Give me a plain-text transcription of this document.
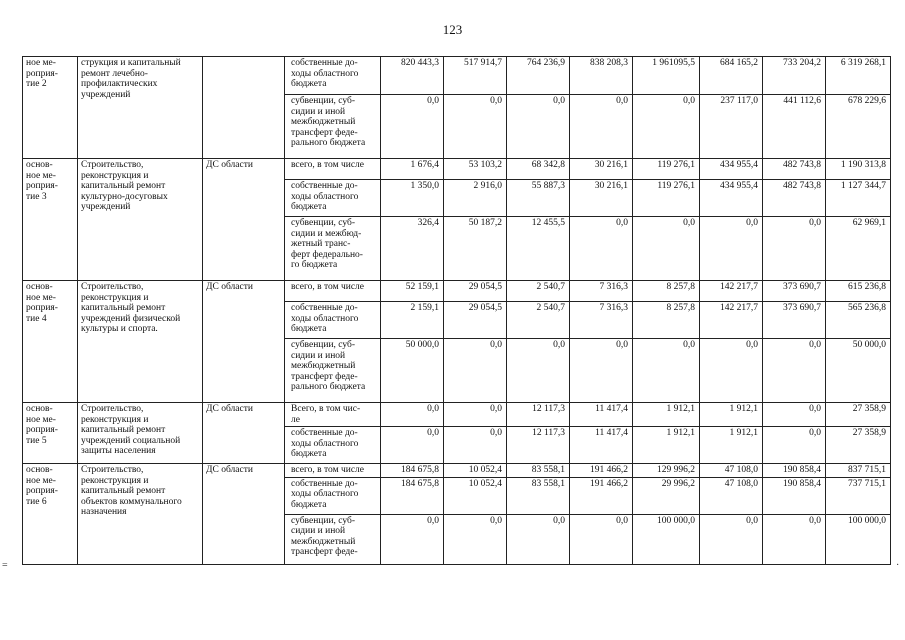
123
ное ме-
роприя-
тие 2	струкция и капитальный ремонт лечебно-профилактических учреждений		собственные до-
ходы областного
бюджета	820 443,3	517 914,7	764 236,9	838 208,3	1 961095,5	684 165,2	733 204,2	6 319 268,1
			субвенции, суб-
сидии и иной
межбюджетный
трансферт феде-
рального бюджета	0,0	0,0	0,0	0,0	0,0	237 117,0	441 112,6	678 229,6
основ-
ное ме-
роприя-
тие 3	Строительство, реконструкция и капитальный ремонт культурно-досуговых учреждений	ДС области	всего, в том числе	1 676,4	53 103,2	68 342,8	30 216,1	119 276,1	434 955,4	482 743,8	1 190 313,8
			собственные до-
ходы областного
бюджета	1 350,0	2 916,0	55 887,3	30 216,1	119 276,1	434 955,4	482 743,8	1 127 344,7
			субвенции, суб-
сидии и межбюд-
жетный транс-
ферт федерально-
го бюджета	326,4	50 187,2	12 455,5	0,0	0,0	0,0	0,0	62 969,1
основ-
ное ме-
роприя-
тие 4	Строительство, реконструкция и капитальный ремонт учреждений физической культуры и спорта.	ДС области	всего, в том числе	52 159,1	29 054,5	2 540,7	7 316,3	8 257,8	142 217,7	373 690,7	615 236,8
			собственные до-
ходы областного
бюджета	2 159,1	29 054,5	2 540,7	7 316,3	8 257,8	142 217,7	373 690,7	565 236,8
			субвенции, суб-
сидии и иной
межбюджетный
трансферт феде-
рального бюджета	50 000,0	0,0	0,0	0,0	0,0	0,0	0,0	50 000,0
основ-
ное ме-
роприя-
тие 5	Строительство, реконструкция и капитальный ремонт учреждений социальной защиты населения	ДС области	Всего, в том чис-
ле	0,0	0,0	12 117,3	11 417,4	1 912,1	1 912,1	0,0	27 358,9
			собственные до-
ходы областного
бюджета	0,0	0,0	12 117,3	11 417,4	1 912,1	1 912,1	0,0	27 358,9
основ-
ное ме-
роприя-
тие 6	Строительство, реконструкция и капитальный ремонт объектов коммунального назначения	ДС области	всего, в том числе	184 675,8	10 052,4	83 558,1	191 466,2	129 996,2	47 108,0	190 858,4	837 715,1
			собственные до-
ходы областного
бюджета	184 675,8	10 052,4	83 558,1	191 466,2	29 996,2	47 108,0	190 858,4	737 715,1
			субвенции, суб-
сидии и иной
межбюджетный
трансферт феде-	0,0	0,0	0,0	0,0	100 000,0	0,0	0,0	100 000,0
=	·
